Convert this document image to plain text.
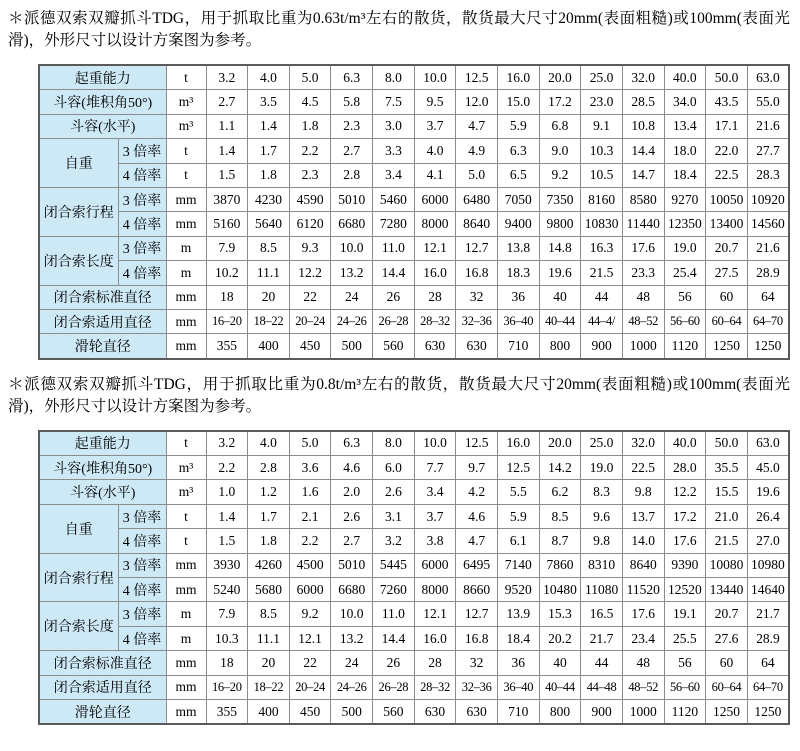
＊派德双索双瓣抓斗TDG，用于抓取比重为0.63t/m³左右的散货，散货最大尺寸20mm(表面粗糙)或100mm(表面光滑)，外形尺寸以设计方案图为参考。

起重能力		t	3.2	4.0	5.0	6.3	8.0	10.0	12.5	16.0	20.0	25.0	32.0	40.0	50.0	63.0
斗容(堆积角50°)		m³	2.7	3.5	4.5	5.8	7.5	9.5	12.0	15.0	17.2	23.0	28.5	34.0	43.5	55.0
斗容(水平)		m³	1.1	1.4	1.8	2.3	3.0	3.7	4.7	5.9	6.8	9.1	10.8	13.4	17.1	21.6
自重	3 倍率	t	1.4	1.7	2.2	2.7	3.3	4.0	4.9	6.3	9.0	10.3	14.4	18.0	22.0	27.7
	4 倍率	t	1.5	1.8	2.3	2.8	3.4	4.1	5.0	6.5	9.2	10.5	14.7	18.4	22.5	28.3
闭合索行程	3 倍率	mm	3870	4230	4590	5010	5460	6000	6480	7050	7350	8160	8580	9270	10050	10920
	4 倍率	mm	5160	5640	6120	6680	7280	8000	8640	9400	9800	10830	11440	12350	13400	14560
闭合索长度	3 倍率	m	7.9	8.5	9.3	10.0	11.0	12.1	12.7	13.8	14.8	16.3	17.6	19.0	20.7	21.6
	4 倍率	m	10.2	11.1	12.2	13.2	14.4	16.0	16.8	18.3	19.6	21.5	23.3	25.4	27.5	28.9
闭合索标准直径		mm	18	20	22	24	26	28	32	36	40	44	48	56	60	64
闭合索适用直径		mm	16–20	18–22	20–24	24–26	26–28	28–32	32–36	36–40	40–44	44–4/	48–52	56–60	60–64	64–70
滑轮直径		mm	355	400	450	500	560	630	630	710	800	900	1000	1120	1250	1250

＊派德双索双瓣抓斗TDG，用于抓取比重为0.8t/m³左右的散货，散货最大尺寸20mm(表面粗糙)或100mm(表面光滑)，外形尺寸以设计方案图为参考。

起重能力		t	3.2	4.0	5.0	6.3	8.0	10.0	12.5	16.0	20.0	25.0	32.0	40.0	50.0	63.0
斗容(堆积角50°)		m³	2.2	2.8	3.6	4.6	6.0	7.7	9.7	12.5	14.2	19.0	22.5	28.0	35.5	45.0
斗容(水平)		m³	1.0	1.2	1.6	2.0	2.6	3.4	4.2	5.5	6.2	8.3	9.8	12.2	15.5	19.6
自重	3 倍率	t	1.4	1.7	2.1	2.6	3.1	3.7	4.6	5.9	8.5	9.6	13.7	17.2	21.0	26.4
	4 倍率	t	1.5	1.8	2.2	2.7	3.2	3.8	4.7	6.1	8.7	9.8	14.0	17.6	21.5	27.0
闭合索行程	3 倍率	mm	3930	4260	4500	5010	5445	6000	6495	7140	7860	8310	8640	9390	10080	10980
	4 倍率	mm	5240	5680	6000	6680	7260	8000	8660	9520	10480	11080	11520	12520	13440	14640
闭合索长度	3 倍率	m	7.9	8.5	9.2	10.0	11.0	12.1	12.7	13.9	15.3	16.5	17.6	19.1	20.7	21.7
	4 倍率	m	10.3	11.1	12.1	13.2	14.4	16.0	16.8	18.4	20.2	21.7	23.4	25.5	27.6	28.9
闭合索标准直径		mm	18	20	22	24	26	28	32	36	40	44	48	56	60	64
闭合索适用直径		mm	16–20	18–22	20–24	24–26	26–28	28–32	32–36	36–40	40–44	44–48	48–52	56–60	60–64	64–70
滑轮直径		mm	355	400	450	500	560	630	630	710	800	900	1000	1120	1250	1250
